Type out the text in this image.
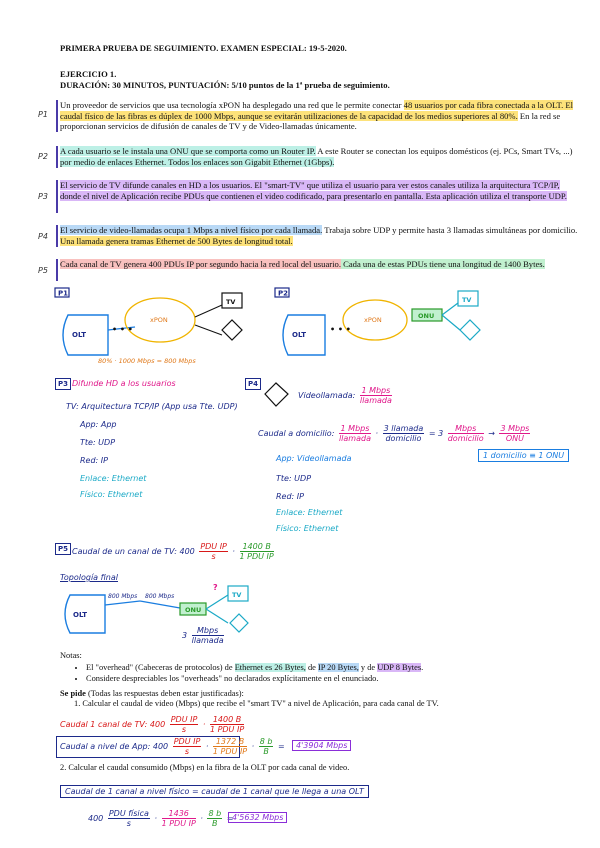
PRIMERA PRUEBA DE SEGUIMIENTO. EXAMEN ESPECIAL: 19-5-2020.
EJERCICIO 1.
DURACIÓN: 30 MINUTOS, PUNTUACIÓN: 5/10 puntos de la 1ª prueba de seguimiento.
P1
Un proveedor de servicios que usa tecnología xPON ha desplegado una red que le permite conectar 48 usuarios por cada fibra conectada a la OLT. El caudal físico de las fibras es dúplex de 1000 Mbps, aunque se evitarán utilizaciones de la capacidad de los medios superiores al 80%. En la red se proporcionan servicios de difusión de canales de TV y de Video-llamadas únicamente.
P2
A cada usuario se le instala una ONU que se comporta como un Router IP. A este Router se conectan los equipos domésticos (ej. PCs, Smart TVs, ...) por medio de enlaces Ethernet. Todos los enlaces son Gigabit Ethernet (1Gbps).
P3
El servicio de TV difunde canales en HD a los usuarios. El "smart-TV" que utiliza el usuario para ver estos canales utiliza la arquitectura TCP/IP, donde el nivel de Aplicación recibe PDUs que contienen el video codificado, para presentarlo en pantalla. Esta aplicación utiliza el transporte UDP.
P4
El servicio de video-llamadas ocupa 1 Mbps a nivel físico por cada llamada. Trabaja sobre UDP y permite hasta 3 llamadas simultáneas por domicilio. Una llamada genera tramas Ethernet de 500 Bytes de longitud total.
P5
Cada canal de TV genera 400 PDUs IP por segundo hacia la red local del usuario. Cada una de estas PDUs tiene una longitud de 1400 Bytes.
P1
OLT
xPON
• • •
TV
80% · 1000 Mbps = 800 Mbps
P2
OLT
xPON
• • •
ONU
TV
P3 Difunde HD a los usuarios
TV: Arquitectura TCP/IP (App usa Tte. UDP)
App: App
Tte: UDP
Red: IP
Enlace: Ethernet
Físico: Ethernet
P4
Videollamada: $\frac{\text{1 Mbps}}{\text{llamada}}$
Caudal a domicilio: $\frac{\text{1 Mbps}}{\text{llamada}} \cdot \frac{\text{3 llamada}}{\text{domicilio}} = 3 \frac{\text{Mbps}}{\text{domicilio}} \to \frac{\text{3 Mbps}}{\text{ONU}}$
1 domicilio ≡ 1 ONU
App: Videollamada
Tte: UDP
Red: IP
Enlace: Ethernet
Físico: Ethernet
P5 Caudal de un canal de TV: $400 \frac{\text{PDU IP}}{s} \cdot \frac{1400 B}{\text{1 PDU IP}}$
Topología final
OLT
800 Mbps 800 Mbps
ONU
?
TV
$3 \frac{\text{Mbps}}{\text{llamada}}$
Notas:
• El "overhead" (Cabeceras de protocolos) de Ethernet es 26 Bytes, de IP 20 Bytes, y de UDP 8 Bytes.
• Considere despreciables los "overheads" no declarados explícitamente en el enunciado.
Se pide (Todas las respuestas deben estar justificadas):
1. Calcular el caudal de video (Mbps) que recibe el "smart TV" a nivel de Aplicación, para cada canal de TV.
Caudal 1 canal de TV: $400 \frac{\text{PDU IP}}{s} \cdot \frac{1400 B}{\text{1 PDU IP}}$
Caudal a nivel de App: $400 \frac{\text{PDU IP}}{s} \cdot \frac{1372 B}{\text{1 PDU IP}} \cdot \frac{8 b}{B}$ =	4'3904 Mbps
2. Calcular el caudal consumido (Mbps) en la fibra de la OLT por cada canal de video.
Caudal de 1 canal a nivel físico = caudal de 1 canal que le llega a una OLT
$400 \frac{\text{PDU física}}{s} \cdot \frac{1436}{\text{1 PDU IP}} \cdot \frac{8 b}{B}$ =
4'5632 Mbps
